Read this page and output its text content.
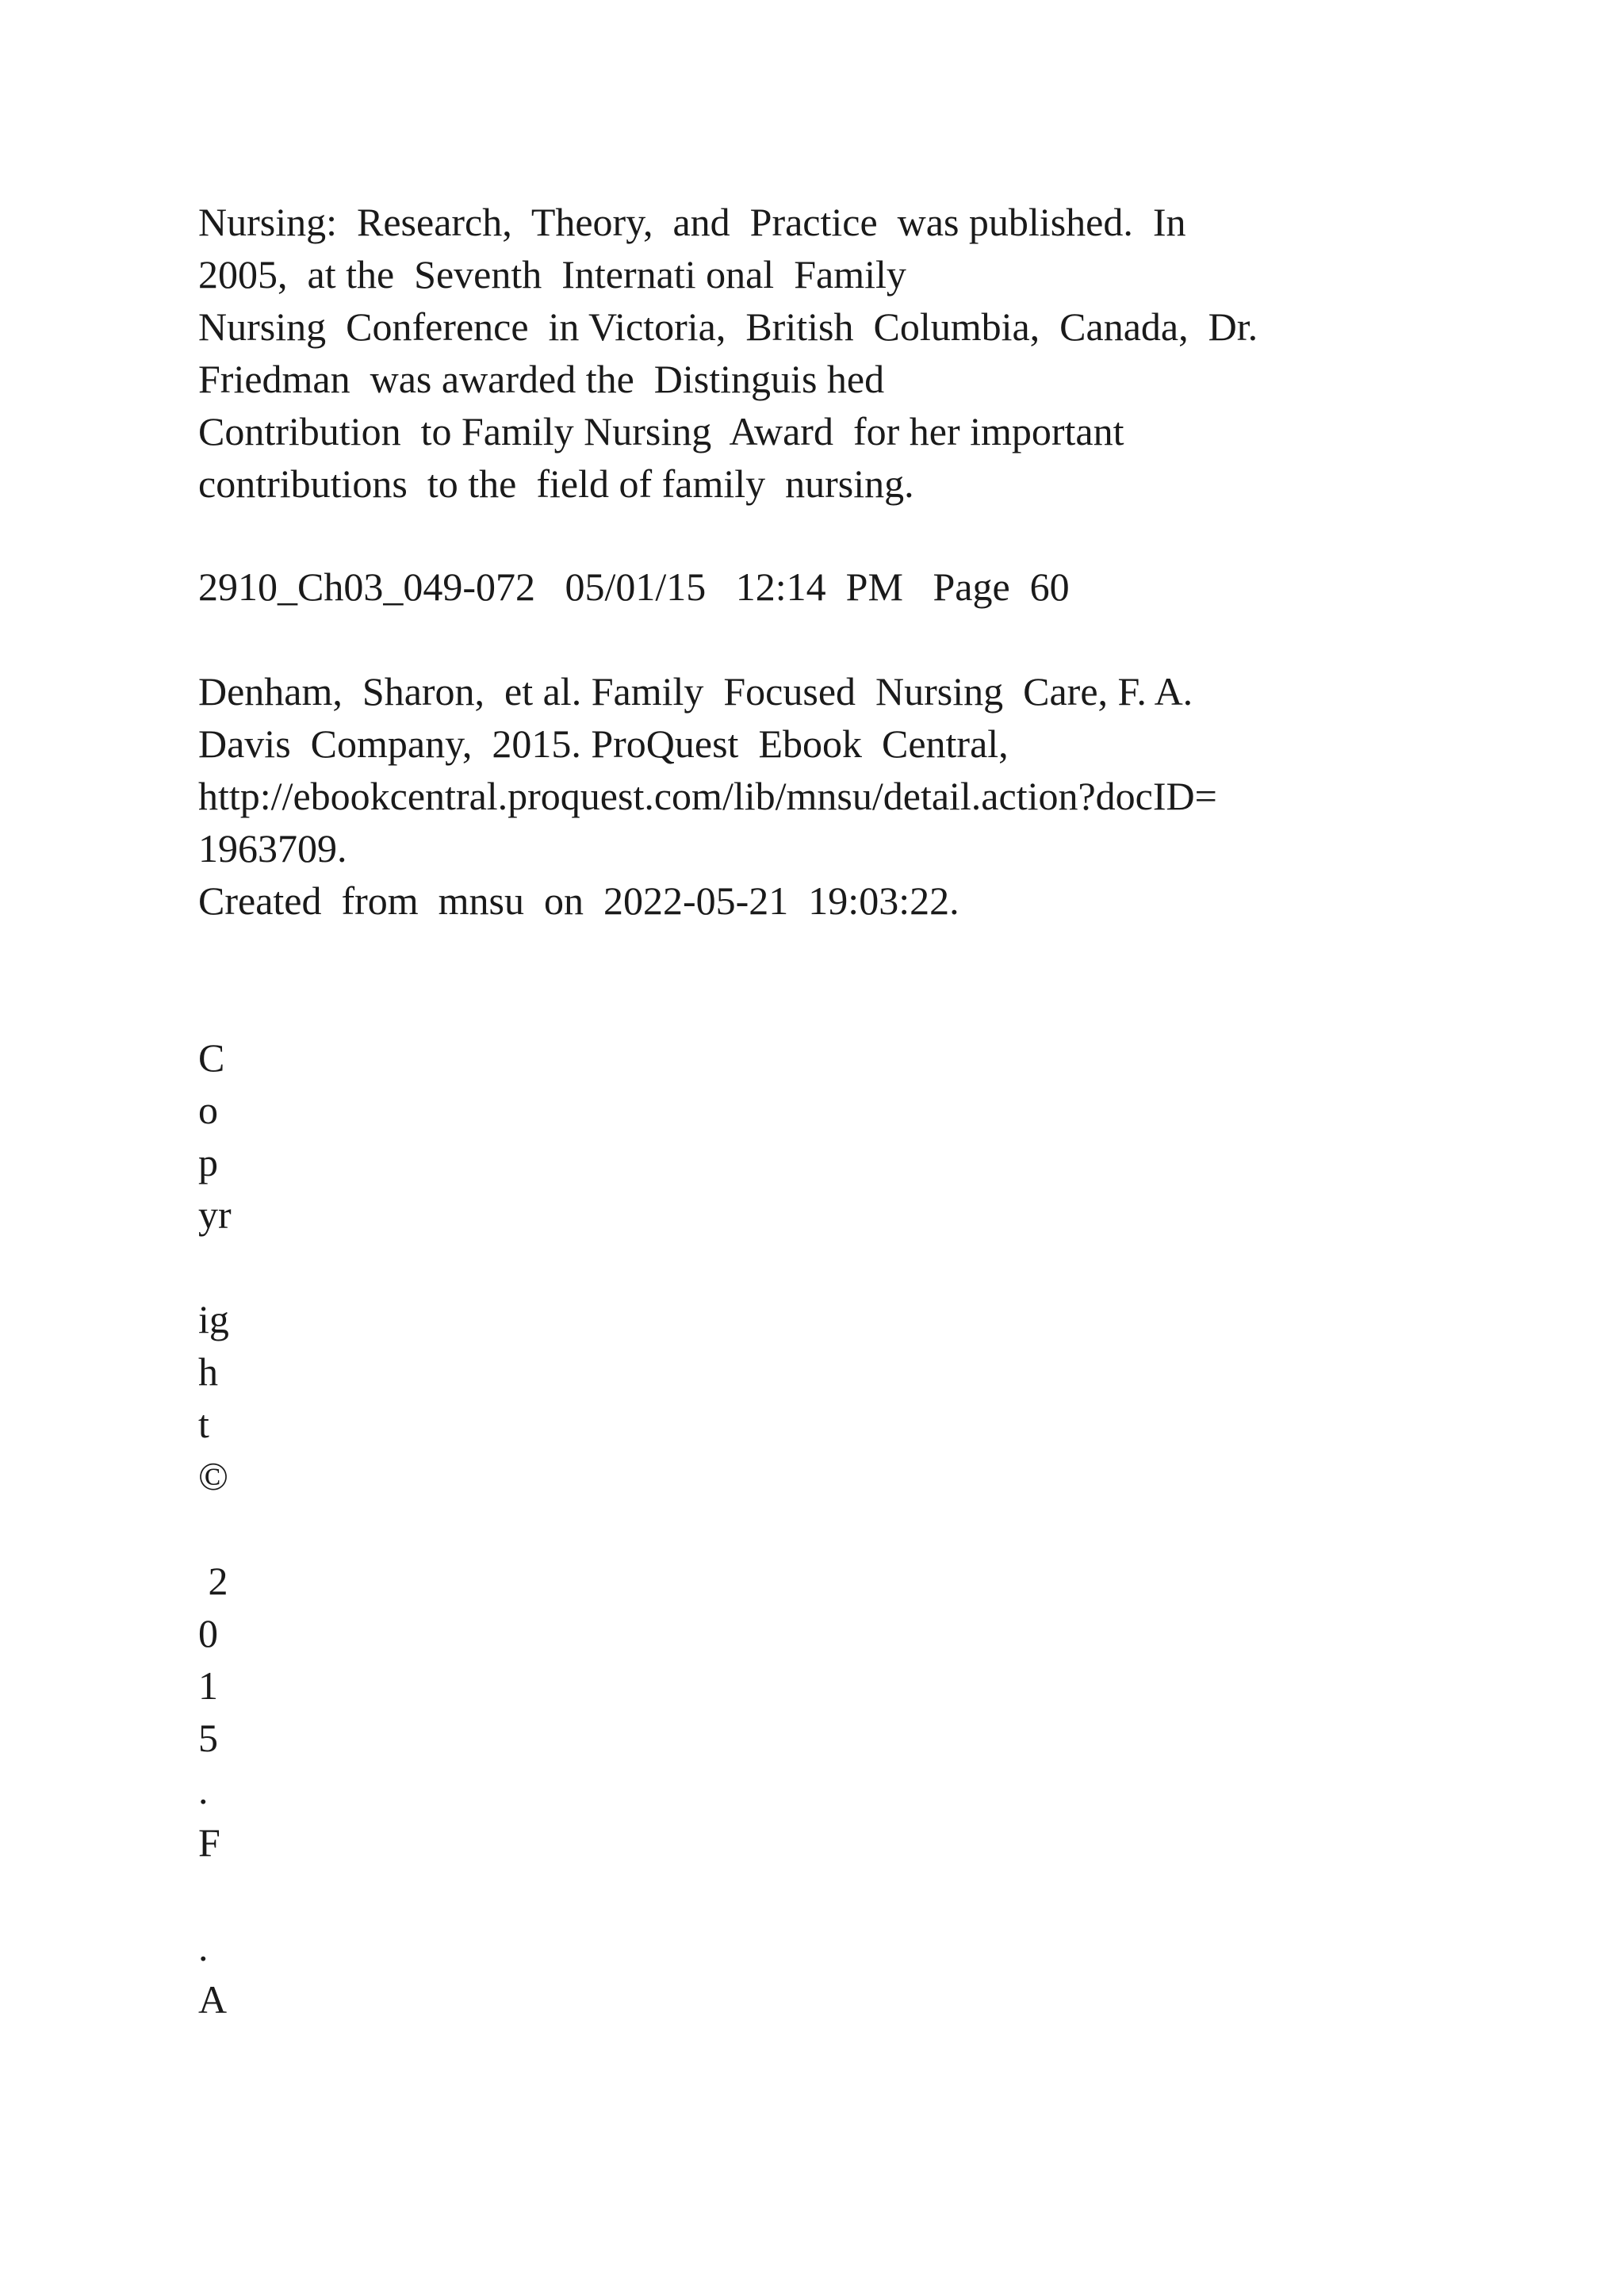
Nursing:  Research,  Theory,  and  Practice  was published.  In
2005,  at the  Seventh  Internati onal  Family
Nursing  Conference  in Victoria,  British  Columbia,  Canada,  Dr.
Friedman  was awarded the  Distinguis hed
Contribution  to Family Nursing  Award  for her important
contributions  to the  field of family  nursing.
2910_Ch03_049-072   05/01/15   12:14  PM   Page  60
Denham,  Sharon,  et al. Family  Focused  Nursing  Care, F. A.
Davis  Company,  2015. ProQuest  Ebook  Central,
http://ebookcentral.proquest.com/lib/mnsu/detail.action?docID=
1963709.
Created  from  mnsu  on  2022-05-21  19:03:22.
C
o
p
yr
ig
h
t
©
2
0
1
5
.
F
.
A
